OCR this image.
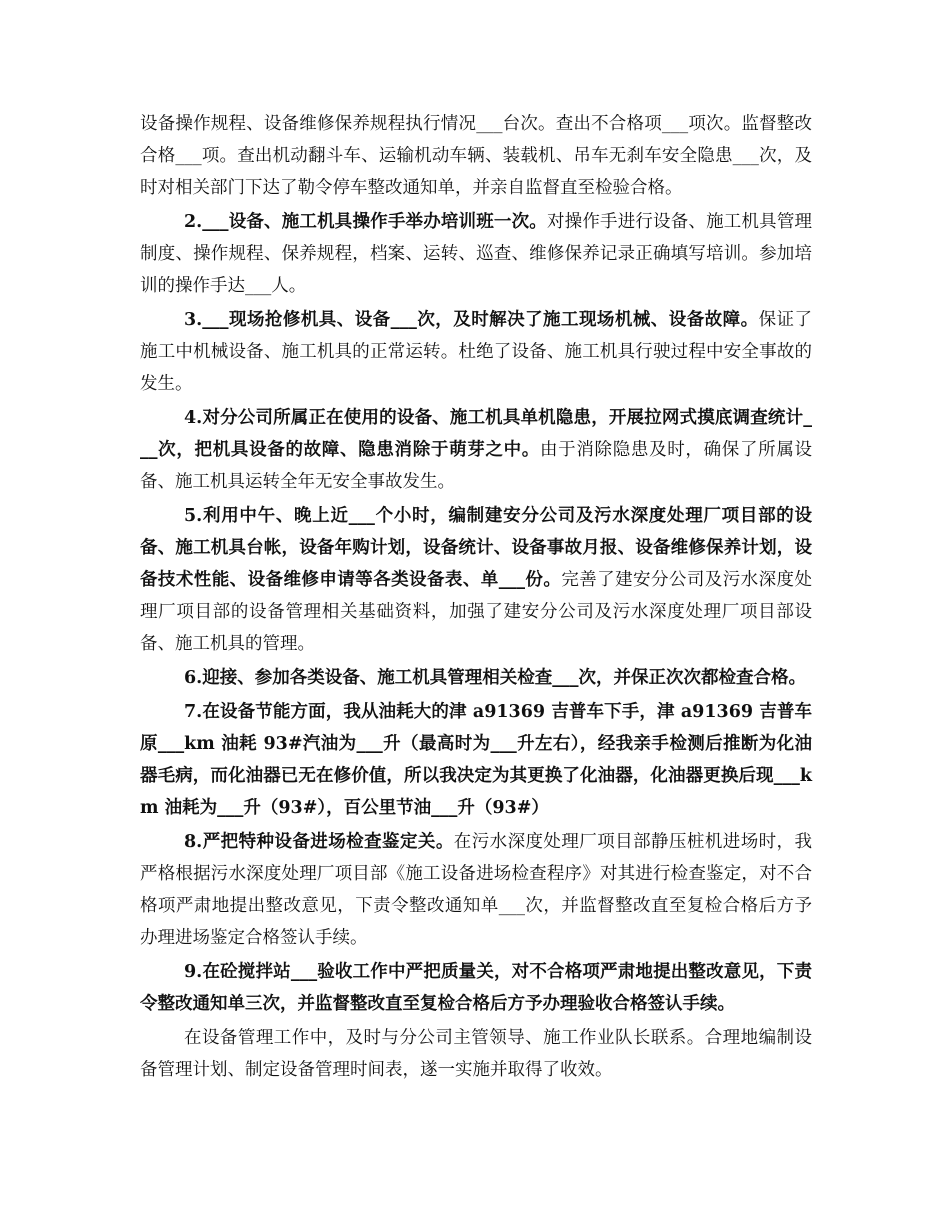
设备操作规程、设备维修保养规程执行情况___台次。查出不合格项___项次。监督整改合格___项。查出机动翻斗车、运输机动车辆、装载机、吊车无刹车安全隐患___次，及时对相关部门下达了勒令停车整改通知单，并亲自监督直至检验合格。

2.___设备、施工机具操作手举办培训班一次。对操作手进行设备、施工机具管理制度、操作规程、保养规程，档案、运转、巡查、维修保养记录正确填写培训。参加培训的操作手达___人。

3.___现场抢修机具、设备___次，及时解决了施工现场机械、设备故障。保证了施工中机械设备、施工机具的正常运转。杜绝了设备、施工机具行驶过程中安全事故的发生。

4.对分公司所属正在使用的设备、施工机具单机隐患，开展拉网式摸底调查统计___次，把机具设备的故障、隐患消除于萌芽之中。由于消除隐患及时，确保了所属设备、施工机具运转全年无安全事故发生。

5.利用中午、晚上近___个小时，编制建安分公司及污水深度处理厂项目部的设备、施工机具台帐，设备年购计划，设备统计、设备事故月报、设备维修保养计划，设备技术性能、设备维修申请等各类设备表、单___份。完善了建安分公司及污水深度处理厂项目部的设备管理相关基础资料，加强了建安分公司及污水深度处理厂项目部设备、施工机具的管理。

6.迎接、参加各类设备、施工机具管理相关检查___次，并保正次次都检查合格。

7.在设备节能方面，我从油耗大的津 a91369 吉普车下手，津 a91369 吉普车原___km 油耗 93#汽油为___升（最高时为___升左右），经我亲手检测后推断为化油器毛病，而化油器已无在修价值，所以我决定为其更换了化油器，化油器更换后现___km 油耗为___升（93#），百公里节油___升（93#）

8.严把特种设备进场检查鉴定关。在污水深度处理厂项目部静压桩机进场时，我严格根据污水深度处理厂项目部《施工设备进场检查程序》对其进行检查鉴定，对不合格项严肃地提出整改意见，下责令整改通知单___次，并监督整改直至复检合格后方予办理进场鉴定合格签认手续。

9.在砼搅拌站___验收工作中严把质量关，对不合格项严肃地提出整改意见，下责令整改通知单三次，并监督整改直至复检合格后方予办理验收合格签认手续。

在设备管理工作中，及时与分公司主管领导、施工作业队长联系。合理地编制设备管理计划、制定设备管理时间表，遂一实施并取得了收效。
